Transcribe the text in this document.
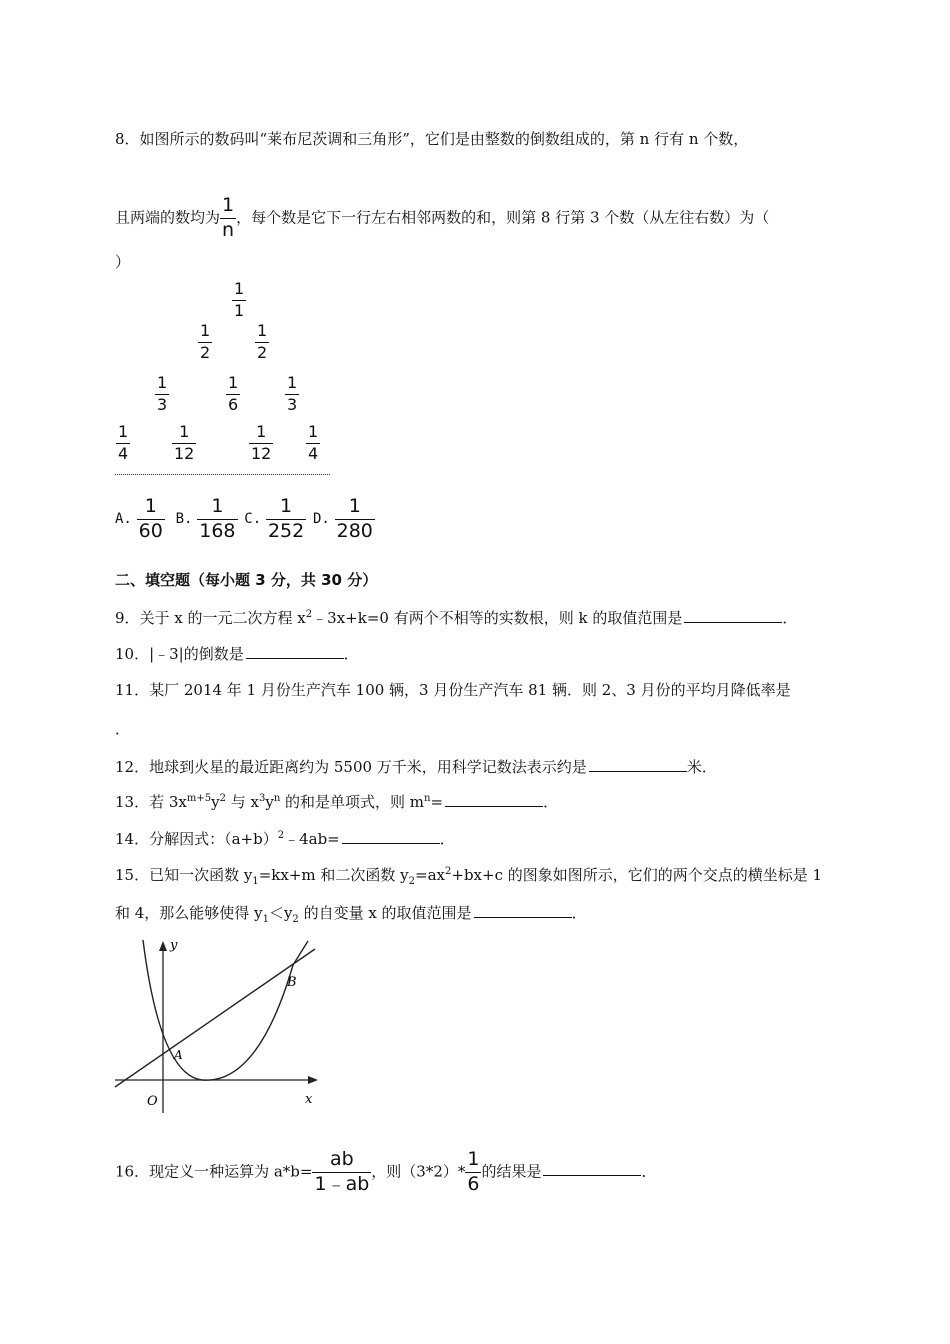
8．如图所示的数码叫“莱布尼茨调和三角形”，它们是由整数的倒数组成的，第 n 行有 n 个数，
且两端的数均为 $\frac{1}{n}$ ，每个数是它下一行左右相邻两数的和，则第 8 行第 3 个数（从左往右数）为（
）
$\frac{1}{1}$
$\frac{1}{2}$	$\frac{1}{2}$
$\frac{1}{3}$	$\frac{1}{6}$	$\frac{1}{3}$
$\frac{1}{4}$	$\frac{1}{12}$	$\frac{1}{12} \frac{1}{4}$
A. $\frac{1}{60} B$. $\frac{1}{168} C$. $\frac{1}{252} D$. $\frac{1}{280}$
二、填空题（每小题 3 分，共 30 分）
9．关于 x 的一元二次方程 $x^2﹣3x+k=0$ 有两个不相等的实数根，则 k 的取值范围是	．
10．|﹣3|的倒数是	．
11．某厂 2014 年 1 月份生产汽车 100 辆，3 月份生产汽车 81 辆．则 2、3 月份的平均月降低率是
．
12．地球到火星的最近距离约为 5500 万千米，用科学记数法表示约是	米．
13．若 $3x^{m+5}y^2$ 与 $x^3y^n$ 的和是单项式，则 $m^n=$	．
14．分解因式：$(a+b)^2﹣4ab=$	．
15．已知一次函数 $y_1=kx+m$ 和二次函数 $y_2=ax^2+bx+c$ 的图象如图所示，它们的两个交点的横坐标是 1
和 4，那么能够使得 $y_1<y_2$ 的自变量 x 的取值范围是	．
y
x
O
A
B
16．现定义一种运算为 $a*b= \frac{ab}{1﹣ab}$ ，则$(3*2)* \frac{1}{6}$ 的结果是	．
